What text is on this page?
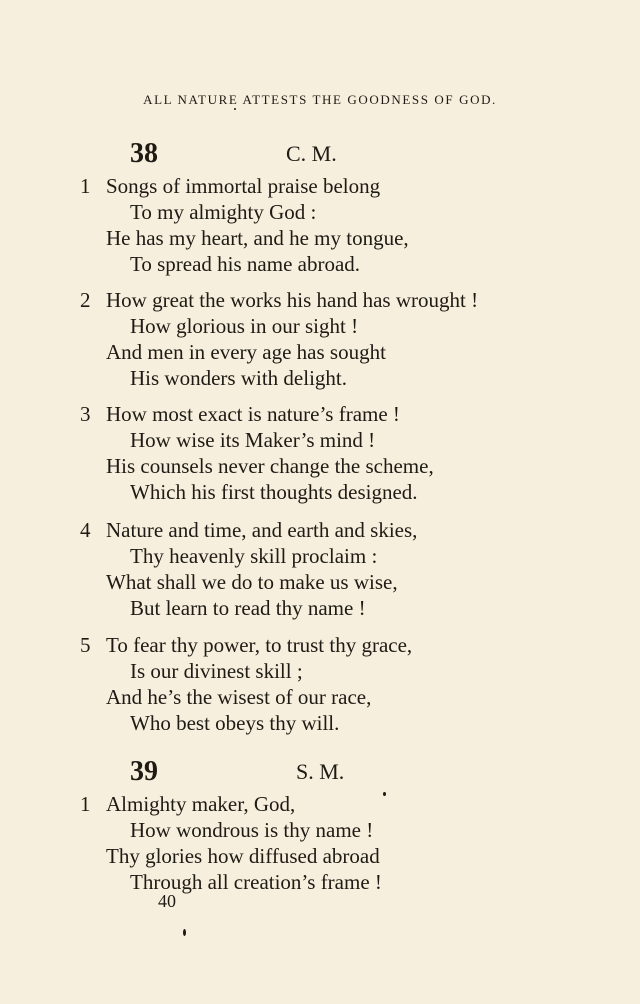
ALL NATURE ATTESTS THE GOODNESS OF GOD.
38	C. M.
1 Songs of immortal praise belong
To my almighty God :
He has my heart, and he my tongue,
To spread his name abroad.
2 How great the works his hand has wrought !
How glorious in our sight !
And men in every age has sought
His wonders with delight.
3 How most exact is nature’s frame !
How wise its Maker’s mind !
His counsels never change the scheme,
Which his first thoughts designed.
4 Nature and time, and earth and skies,
Thy heavenly skill proclaim :
What shall we do to make us wise,
But learn to read thy name !
5 To fear thy power, to trust thy grace,
Is our divinest skill ;
And he’s the wisest of our race,
Who best obeys thy will.
39	S. M.
1 Almighty maker, God,
How wondrous is thy name !
Thy glories how diffused abroad
Through all creation’s frame !
40
